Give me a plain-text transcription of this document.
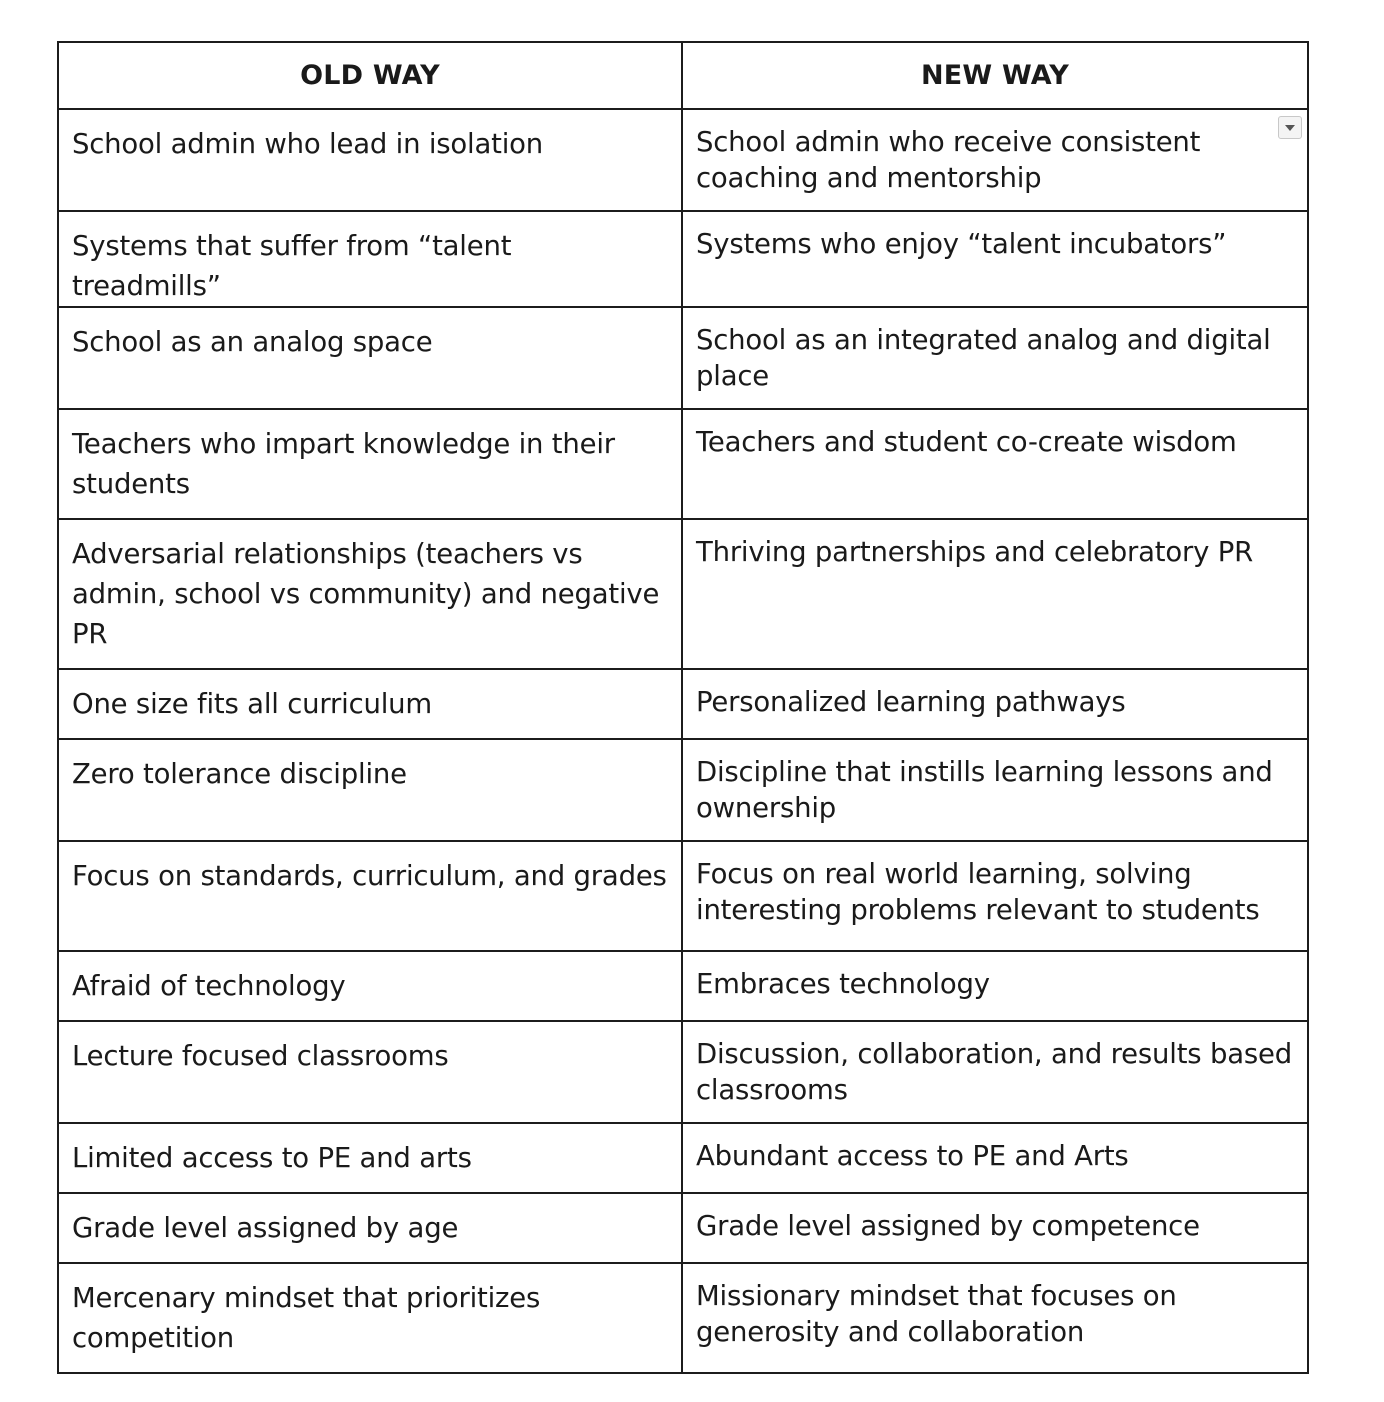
OLD WAY	NEW WAY
School admin who lead in isolation	School admin who receive consistent coaching and mentorship

Systems that suffer from “talent treadmills”	Systems who enjoy “talent incubators”
School as an analog space	School as an integrated analog and digital place
Teachers who impart knowledge in their students	Teachers and student co-create wisdom
Adversarial relationships (teachers vs admin, school vs community) and negative PR	Thriving partnerships and celebratory PR
One size fits all curriculum	Personalized learning pathways
Zero tolerance discipline	Discipline that instills learning lessons and ownership
Focus on standards, curriculum, and grades	Focus on real world learning, solving interesting problems relevant to students
Afraid of technology	Embraces technology
Lecture focused classrooms	Discussion, collaboration, and results based classrooms
Limited access to PE and arts	Abundant access to PE and Arts
Grade level assigned by age	Grade level assigned by competence
Mercenary mindset that prioritizes competition	Missionary mindset that focuses on generosity and collaboration
